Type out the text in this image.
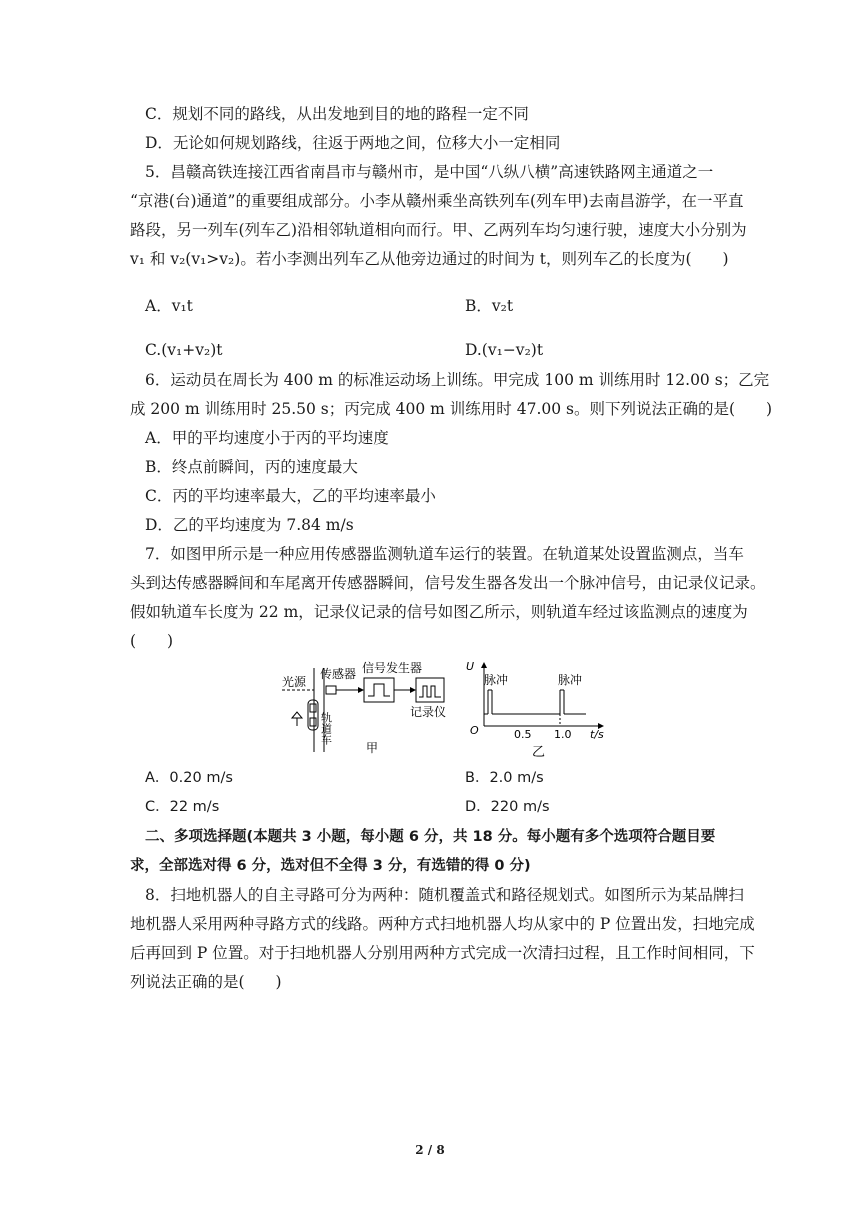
C．规划不同的路线，从出发地到目的地的路程一定不同
D．无论如何规划路线，往返于两地之间，位移大小一定相同
5．昌赣高铁连接江西省南昌市与赣州市，是中国“八纵八横”高速铁路网主通道之一
“京港(台)通道”的重要组成部分。小李从赣州乘坐高铁列车(列车甲)去南昌游学，在一平直
路段，另一列车(列车乙)沿相邻轨道相向而行。甲、乙两列车均匀速行驶，速度大小分别为
v₁ 和 v₂(v₁>v₂)。若小李测出列车乙从他旁边通过的时间为 t，则列车乙的长度为(　　)
A．v₁t	B．v₂t
C.(v₁+v₂)t	D.(v₁−v₂)t
6．运动员在周长为 400 m 的标准运动场上训练。甲完成 100 m 训练用时 12.00 s；乙完
成 200 m 训练用时 25.50 s；丙完成 400 m 训练用时 47.00 s。则下列说法正确的是(　　)
A．甲的平均速度小于丙的平均速度
B．终点前瞬间，丙的速度最大
C．丙的平均速率最大，乙的平均速率最小
D．乙的平均速度为 7.84 m/s
7．如图甲所示是一种应用传感器监测轨道车运行的装置。在轨道某处设置监测点，当车
头到达传感器瞬间和车尾离开传感器瞬间，信号发生器各发出一个脉冲信号，由记录仪记录。
假如轨道车长度为 22 m，记录仪记录的信号如图乙所示，则轨道车经过该监测点的速度为
(　　)
光源
传感器 信号发生器
记录仪
轨道车
甲
U
O
脉冲	脉冲
0.5 1.0 t/s
乙
A．0.20 m/s	B．2.0 m/s
C．22 m/s	D．220 m/s
二、多项选择题(本题共 3 小题，每小题 6 分，共 18 分。每小题有多个选项符合题目要
求，全部选对得 6 分，选对但不全得 3 分，有选错的得 0 分)
8．扫地机器人的自主寻路可分为两种：随机覆盖式和路径规划式。如图所示为某品牌扫
地机器人采用两种寻路方式的线路。两种方式扫地机器人均从家中的 P 位置出发，扫地完成
后再回到 P 位置。对于扫地机器人分别用两种方式完成一次清扫过程，且工作时间相同，下
列说法正确的是(　　)
2 / 8
